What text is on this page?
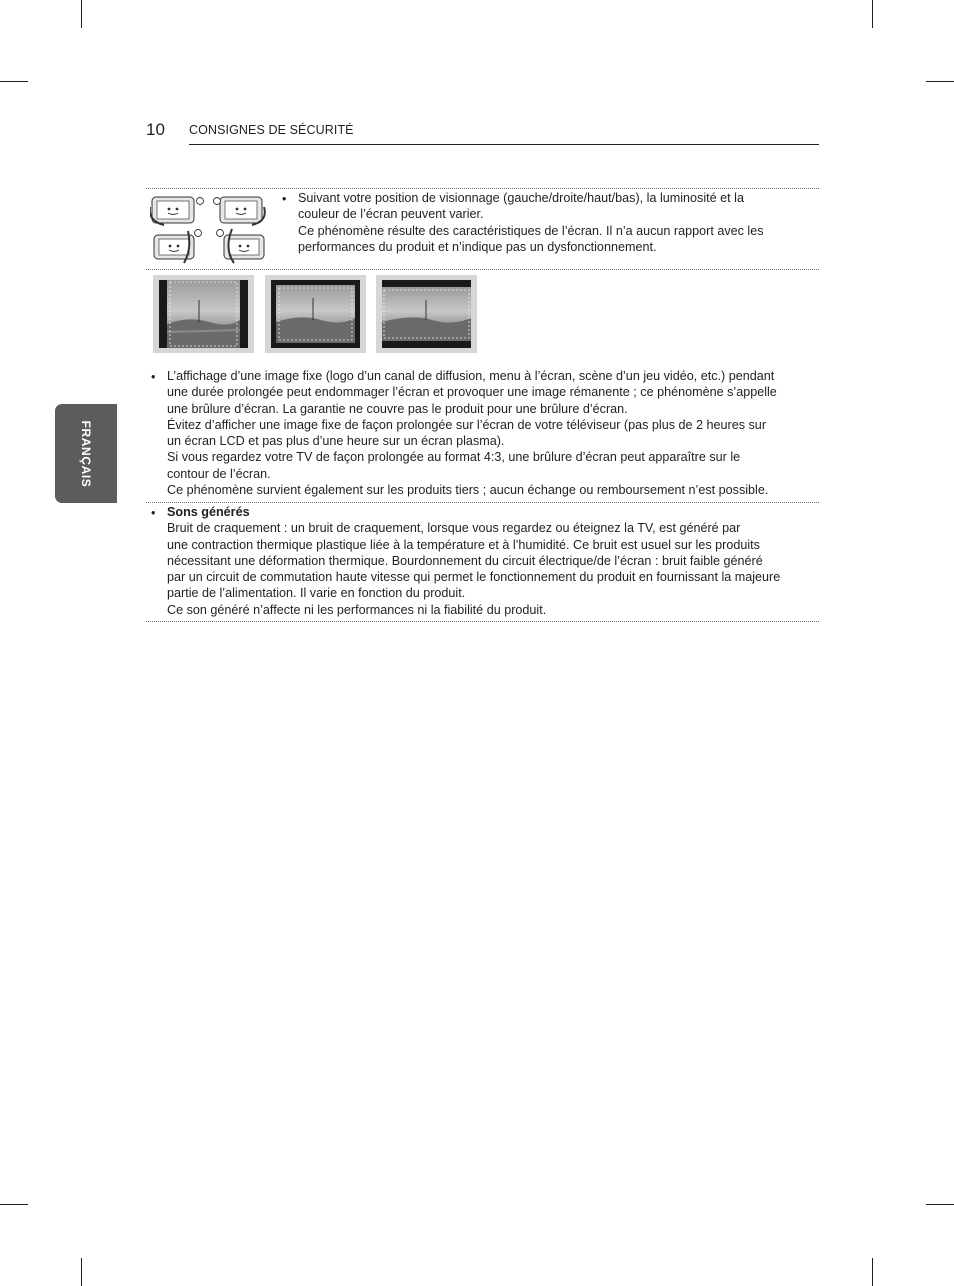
10 CONSIGNES DE SÉCURITÉ
FRANÇAIS
• Suivant votre position de visionnage (gauche/droite/haut/bas), la luminosité et la

couleur de l’écran peuvent varier.

Ce phénomène résulte des caractéristiques de l’écran. Il n’a aucun rapport avec les

performances du produit et n’indique pas un dysfonctionnement.

• L’affichage d’une image fixe (logo d’un canal de diffusion, menu à l’écran, scène d’un jeu vidéo, etc.) pendant

une durée prolongée peut endommager l’écran et provoquer une image rémanente ; ce phénomène s’appelle

une brûlure d’écran. La garantie ne couvre pas le produit pour une brûlure d’écran.

Évitez d’afficher une image fixe de façon prolongée sur l’écran de votre téléviseur (pas plus de 2 heures sur

un écran LCD et pas plus d’une heure sur un écran plasma).

Si vous regardez votre TV de façon prolongée au format 4:3, une brûlure d’écran peut apparaître sur le

contour de l’écran.

Ce phénomène survient également sur les produits tiers ; aucun échange ou remboursement n’est possible.

• Sons générés

Bruit de craquement : un bruit de craquement, lorsque vous regardez ou éteignez la TV, est généré par

une contraction thermique plastique liée à la température et à l’humidité. Ce bruit est usuel sur les produits

nécessitant une déformation thermique. Bourdonnement du circuit électrique/de l’écran : bruit faible généré

par un circuit de commutation haute vitesse qui permet le fonctionnement du produit en fournissant la majeure

partie de l’alimentation. Il varie en fonction du produit.

Ce son généré n’affecte ni les performances ni la fiabilité du produit.
